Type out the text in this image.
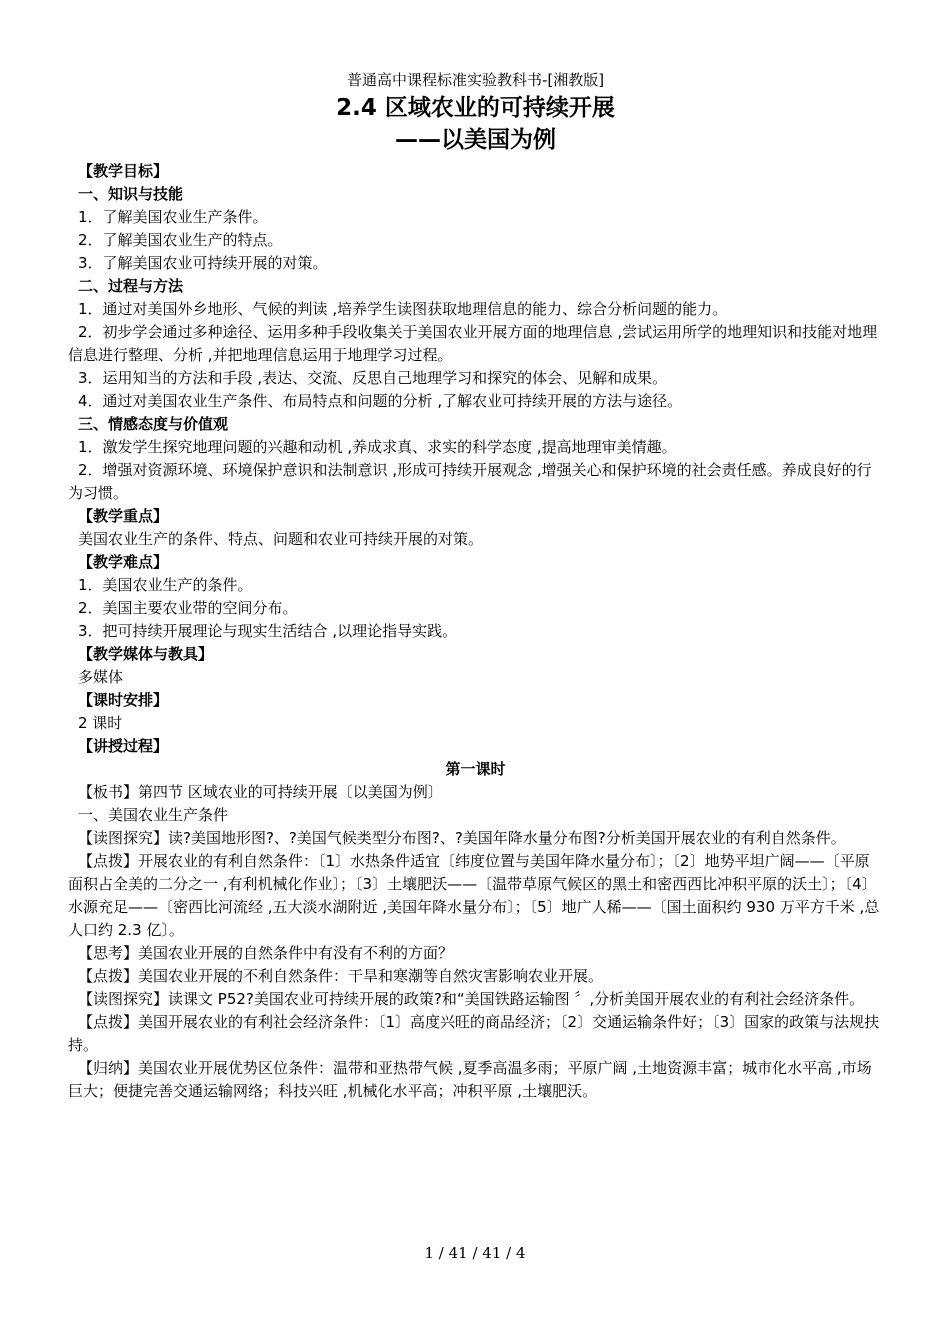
普通高中课程标准实验教科书-[湘教版]
2.4 区域农业的可持续开展
——以美国为例

【教学目标】

一、知识与技能

1．了解美国农业生产条件。

2．了解美国农业生产的特点。

3．了解美国农业可持续开展的对策。

二、过程与方法

1．通过对美国外乡地形、气候的判读 ,培养学生读图获取地理信息的能力、综合分析问题的能力。

2．初步学会通过多种途径、运用多种手段收集关于美国农业开展方面的地理信息 ,尝试运用所学的地理知识和技能对地理信息进行整理、分析 ,并把地理信息运用于地理学习过程。

3．运用知当的方法和手段 ,表达、交流、反思自己地理学习和探究的体会、见解和成果。

4．通过对美国农业生产条件、布局特点和问题的分析 ,了解农业可持续开展的方法与途径。

三、情感态度与价值观

1．激发学生探究地理问题的兴趣和动机 ,养成求真、求实的科学态度 ,提高地理审美情趣。

2．增强对资源环境、环境保护意识和法制意识 ,形成可持续开展观念 ,增强关心和保护环境的社会责任感。养成良好的行为习惯。

【教学重点】

美国农业生产的条件、特点、问题和农业可持续开展的对策。

【教学难点】

1．美国农业生产的条件。

2．美国主要农业带的空间分布。

3．把可持续开展理论与现实生活结合 ,以理论指导实践。

【教学媒体与教具】

多媒体

【课时安排】

2 课时

【讲授过程】

第一课时

【板书】第四节 区域农业的可持续开展〔以美国为例〕

一、美国农业生产条件

【读图探究】读?美国地形图?、?美国气候类型分布图?、?美国年降水量分布图?分析美国开展农业的有利自然条件。

【点拨】开展农业的有利自然条件：〔1〕水热条件适宜〔纬度位置与美国年降水量分布〕；〔2〕地势平坦广阔——〔平原面积占全美的二分之一 ,有利机械化作业〕；〔3〕土壤肥沃——〔温带草原气候区的黑土和密西西比冲积平原的沃土〕；〔4〕水源充足——〔密西比河流经 ,五大淡水湖附近 ,美国年降水量分布〕；〔5〕地广人稀——〔国土面积约 930 万平方千米 ,总人口约 2.3 亿〕。

【思考】美国农业开展的自然条件中有没有不利的方面？

【点拨】美国农业开展的不利自然条件：干旱和寒潮等自然灾害影响农业开展。

【读图探究】读课文 P52?美国农业可持续开展的政策?和“美国铁路运输图 〞,分析美国开展农业的有利社会经济条件。

【点拨】美国开展农业的有利社会经济条件：〔1〕高度兴旺的商品经济；〔2〕交通运输条件好；〔3〕国家的政策与法规扶持。

【归纳】美国农业开展优势区位条件：温带和亚热带气候 ,夏季高温多雨；平原广阔 ,土地资源丰富；城市化水平高 ,市场巨大；便捷完善交通运输网络；科技兴旺 ,机械化水平高；冲积平原 ,土壤肥沃。

1 / 41 / 41 / 4
